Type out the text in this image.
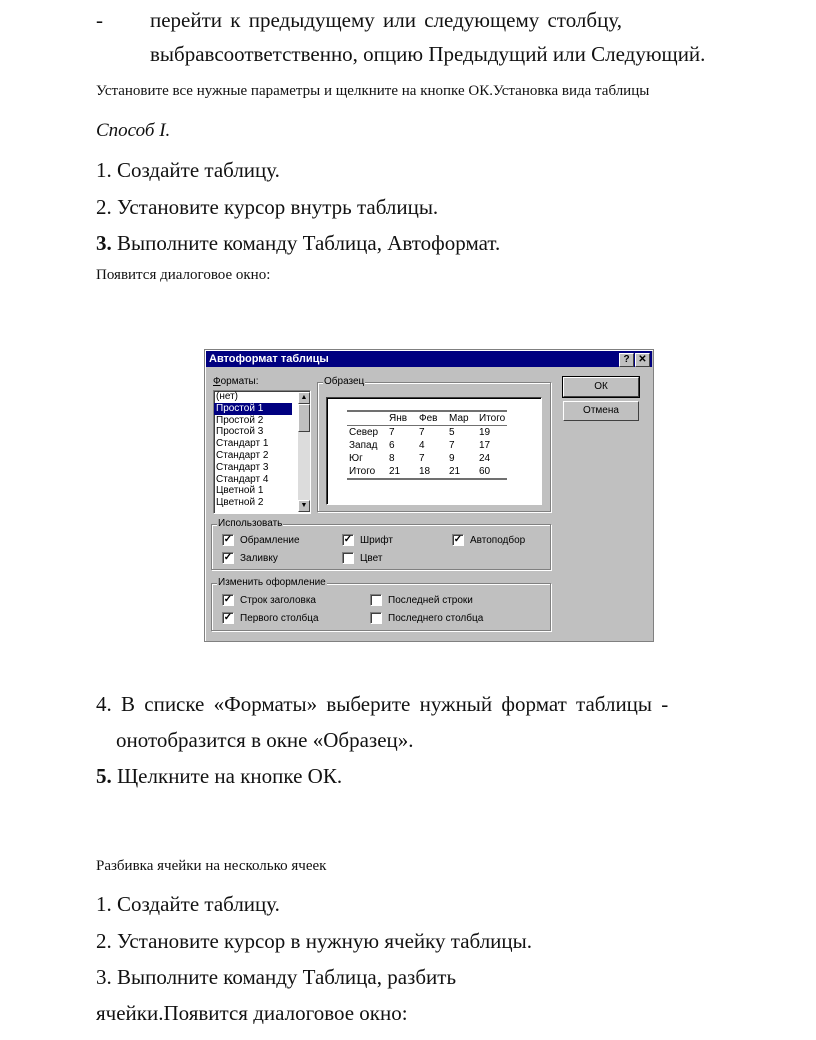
- перейти к предыдущему или следующему столбцу,
выбравсоответственно, опцию Предыдущий или Следующий.
Установите все нужные параметры и щелкните на кнопке ОК.Установка вида таблицы
Способ I.
1. Создайте таблицу.
2. Установите курсор внутрь таблицы.
3. Выполните команду Таблица, Автоформат.
Появится диалоговое окно:
Автоформат таблицы	? ✕
Форматы:
(нет)
Простой 1
Простой 2
Простой 3
Стандарт 1
Стандарт 2
Стандарт 3
Стандарт 4
Цветной 1
Цветной 2
▲
▼
Образец
	Янв	Фев	Мар	Итого
Север	7	7	5	19
Запад	6	4	7	17
Юг	8	7	9	24
Итого	21	18	21	60
ОК
Отмена
Использовать
✓ Обрамление	✓ Шрифт	✓ Автоподбор
✓ Заливку	Цвет
Изменить оформление
✓ Строк заголовка	Последней строки
✓ Первого столбца	Последнего столбца
4. В списке «Форматы» выберите нужный формат таблицы -
онотобразится в окне «Образец».
5. Щелкните на кнопке ОК.
Разбивка ячейки на несколько ячеек
1. Создайте таблицу.
2. Установите курсор в нужную ячейку таблицы.
3. Выполните команду Таблица, разбить
ячейки.Появится диалоговое окно:
